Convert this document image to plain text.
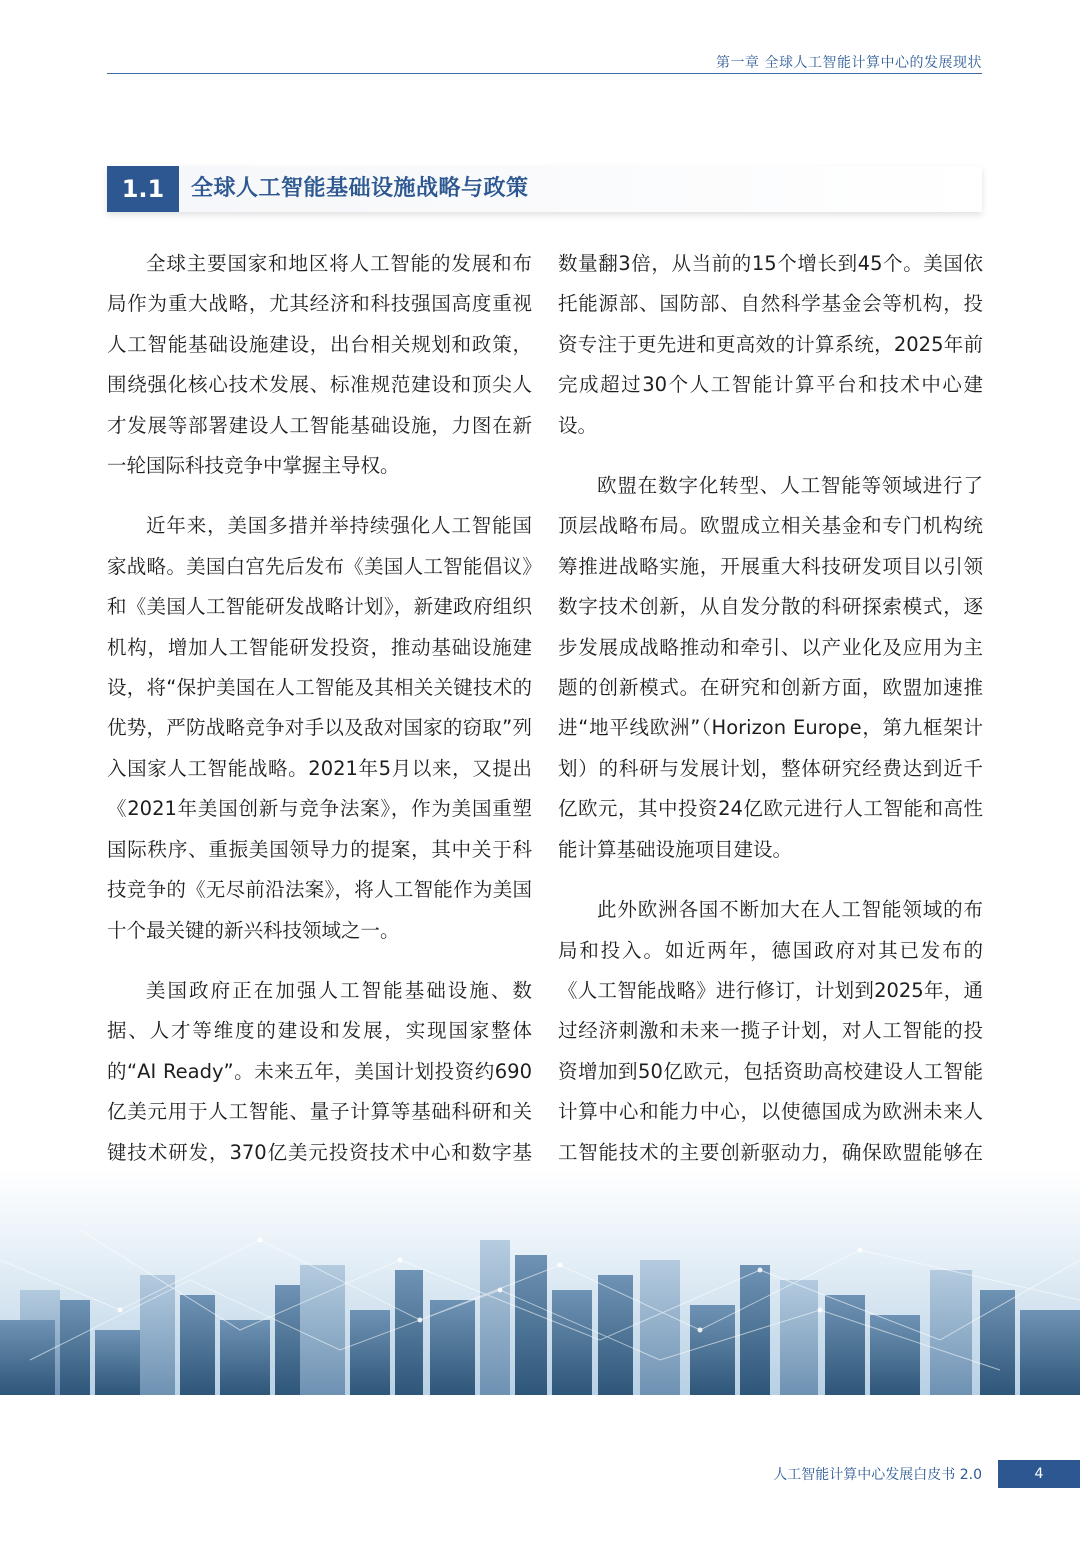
第一章 全球人工智能计算中心的发展现状
1.1	全球人工智能基础设施战略与政策

全球主要国家和地区将人工智能的发展和布局作为重大战略，尤其经济和科技强国高度重视人工智能基础设施建设，出台相关规划和政策，围绕强化核心技术发展、标准规范建设和顶尖人才发展等部署建设人工智能基础设施，力图在新一轮国际科技竞争中掌握主导权。

近年来，美国多措并举持续强化人工智能国家战略。美国白宫先后发布《美国人工智能倡议》和《美国人工智能研发战略计划》，新建政府组织机构，增加人工智能研发投资，推动基础设施建设，将“保护美国在人工智能及其相关关键技术的优势，严防战略竞争对手以及敌对国家的窃取”列入国家人工智能战略。2021年5月以来，又提出《2021年美国创新与竞争法案》，作为美国重塑国际秩序、重振美国领导力的提案，其中关于科技竞争的《无尽前沿法案》，将人工智能作为美国十个最关键的新兴科技领域之一。

美国政府正在加强人工智能基础设施、数据、人才等维度的建设和发展，实现国家整体的“AI Ready”。未来五年，美国计划投资约690亿美元用于人工智能、量子计算等基础科研和关键技术研发，370亿美元投资技术中心和数字基

数量翻3倍，从当前的15个增长到45个。美国依托能源部、国防部、自然科学基金会等机构，投资专注于更先进和更高效的计算系统，2025年前完成超过30个人工智能计算平台和技术中心建设。

欧盟在数字化转型、人工智能等领域进行了顶层战略布局。欧盟成立相关基金和专门机构统筹推进战略实施，开展重大科技研发项目以引领数字技术创新，从自发分散的科研探索模式，逐步发展成战略推动和牵引、以产业化及应用为主题的创新模式。在研究和创新方面，欧盟加速推进“地平线欧洲”（Horizon Europe，第九框架计划）的科研与发展计划，整体研究经费达到近千亿欧元，其中投资24亿欧元进行人工智能和高性能计算基础设施项目建设。

此外欧洲各国不断加大在人工智能领域的布局和投入。如近两年，德国政府对其已发布的《人工智能战略》进行修订，计划到2025年，通过经济刺激和未来一揽子计划，对人工智能的投资增加到50亿欧元，包括资助高校建设人工智能计算中心和能力中心，以使德国成为欧洲未来人工智能技术的主要创新驱动力，确保欧盟能够在

人工智能计算中心发展白皮书 2.0	4
